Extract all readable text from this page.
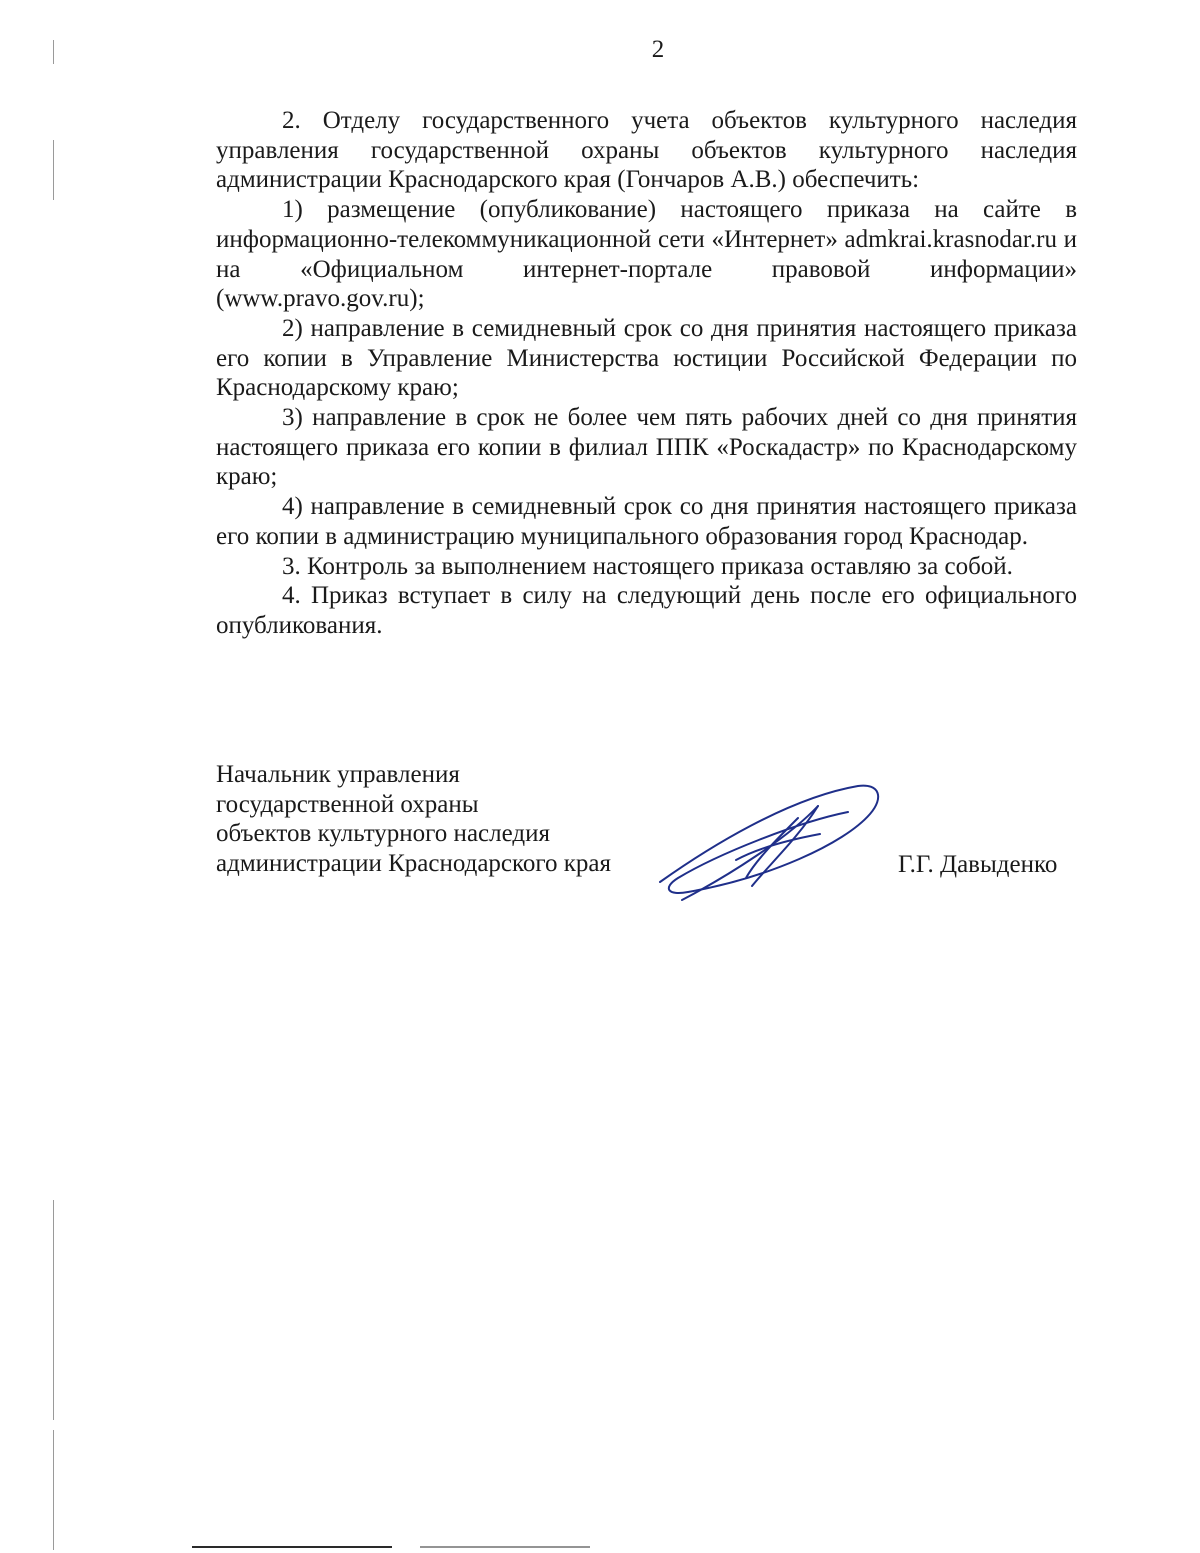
2

2. Отделу государственного учета объектов культурного наследия управления государственной охраны объектов культурного наследия администрации Краснодарского края (Гончаров А.В.) обеспечить:

1) размещение (опубликование) настоящего приказа на сайте в информационно-телекоммуникационной сети «Интернет» admkrai.krasnodar.ru и на «Официальном интернет-портале правовой информации» (www.pravo.gov.ru);

2) направление в семидневный срок со дня принятия настоящего приказа его копии в Управление Министерства юстиции Российской Федерации по Краснодарскому краю;

3) направление в срок не более чем пять рабочих дней со дня принятия настоящего приказа его копии в филиал ППК «Роскадастр» по Краснодарскому краю;

4) направление в семидневный срок со дня принятия настоящего приказа его копии в администрацию муниципального образования город Краснодар.

3. Контроль за выполнением настоящего приказа оставляю за собой.

4. Приказ вступает в силу на следующий день после его официального опубликования.

Начальник управления
государственной охраны
объектов культурного наследия
администрации Краснодарского края	Г.Г. Давыденко
